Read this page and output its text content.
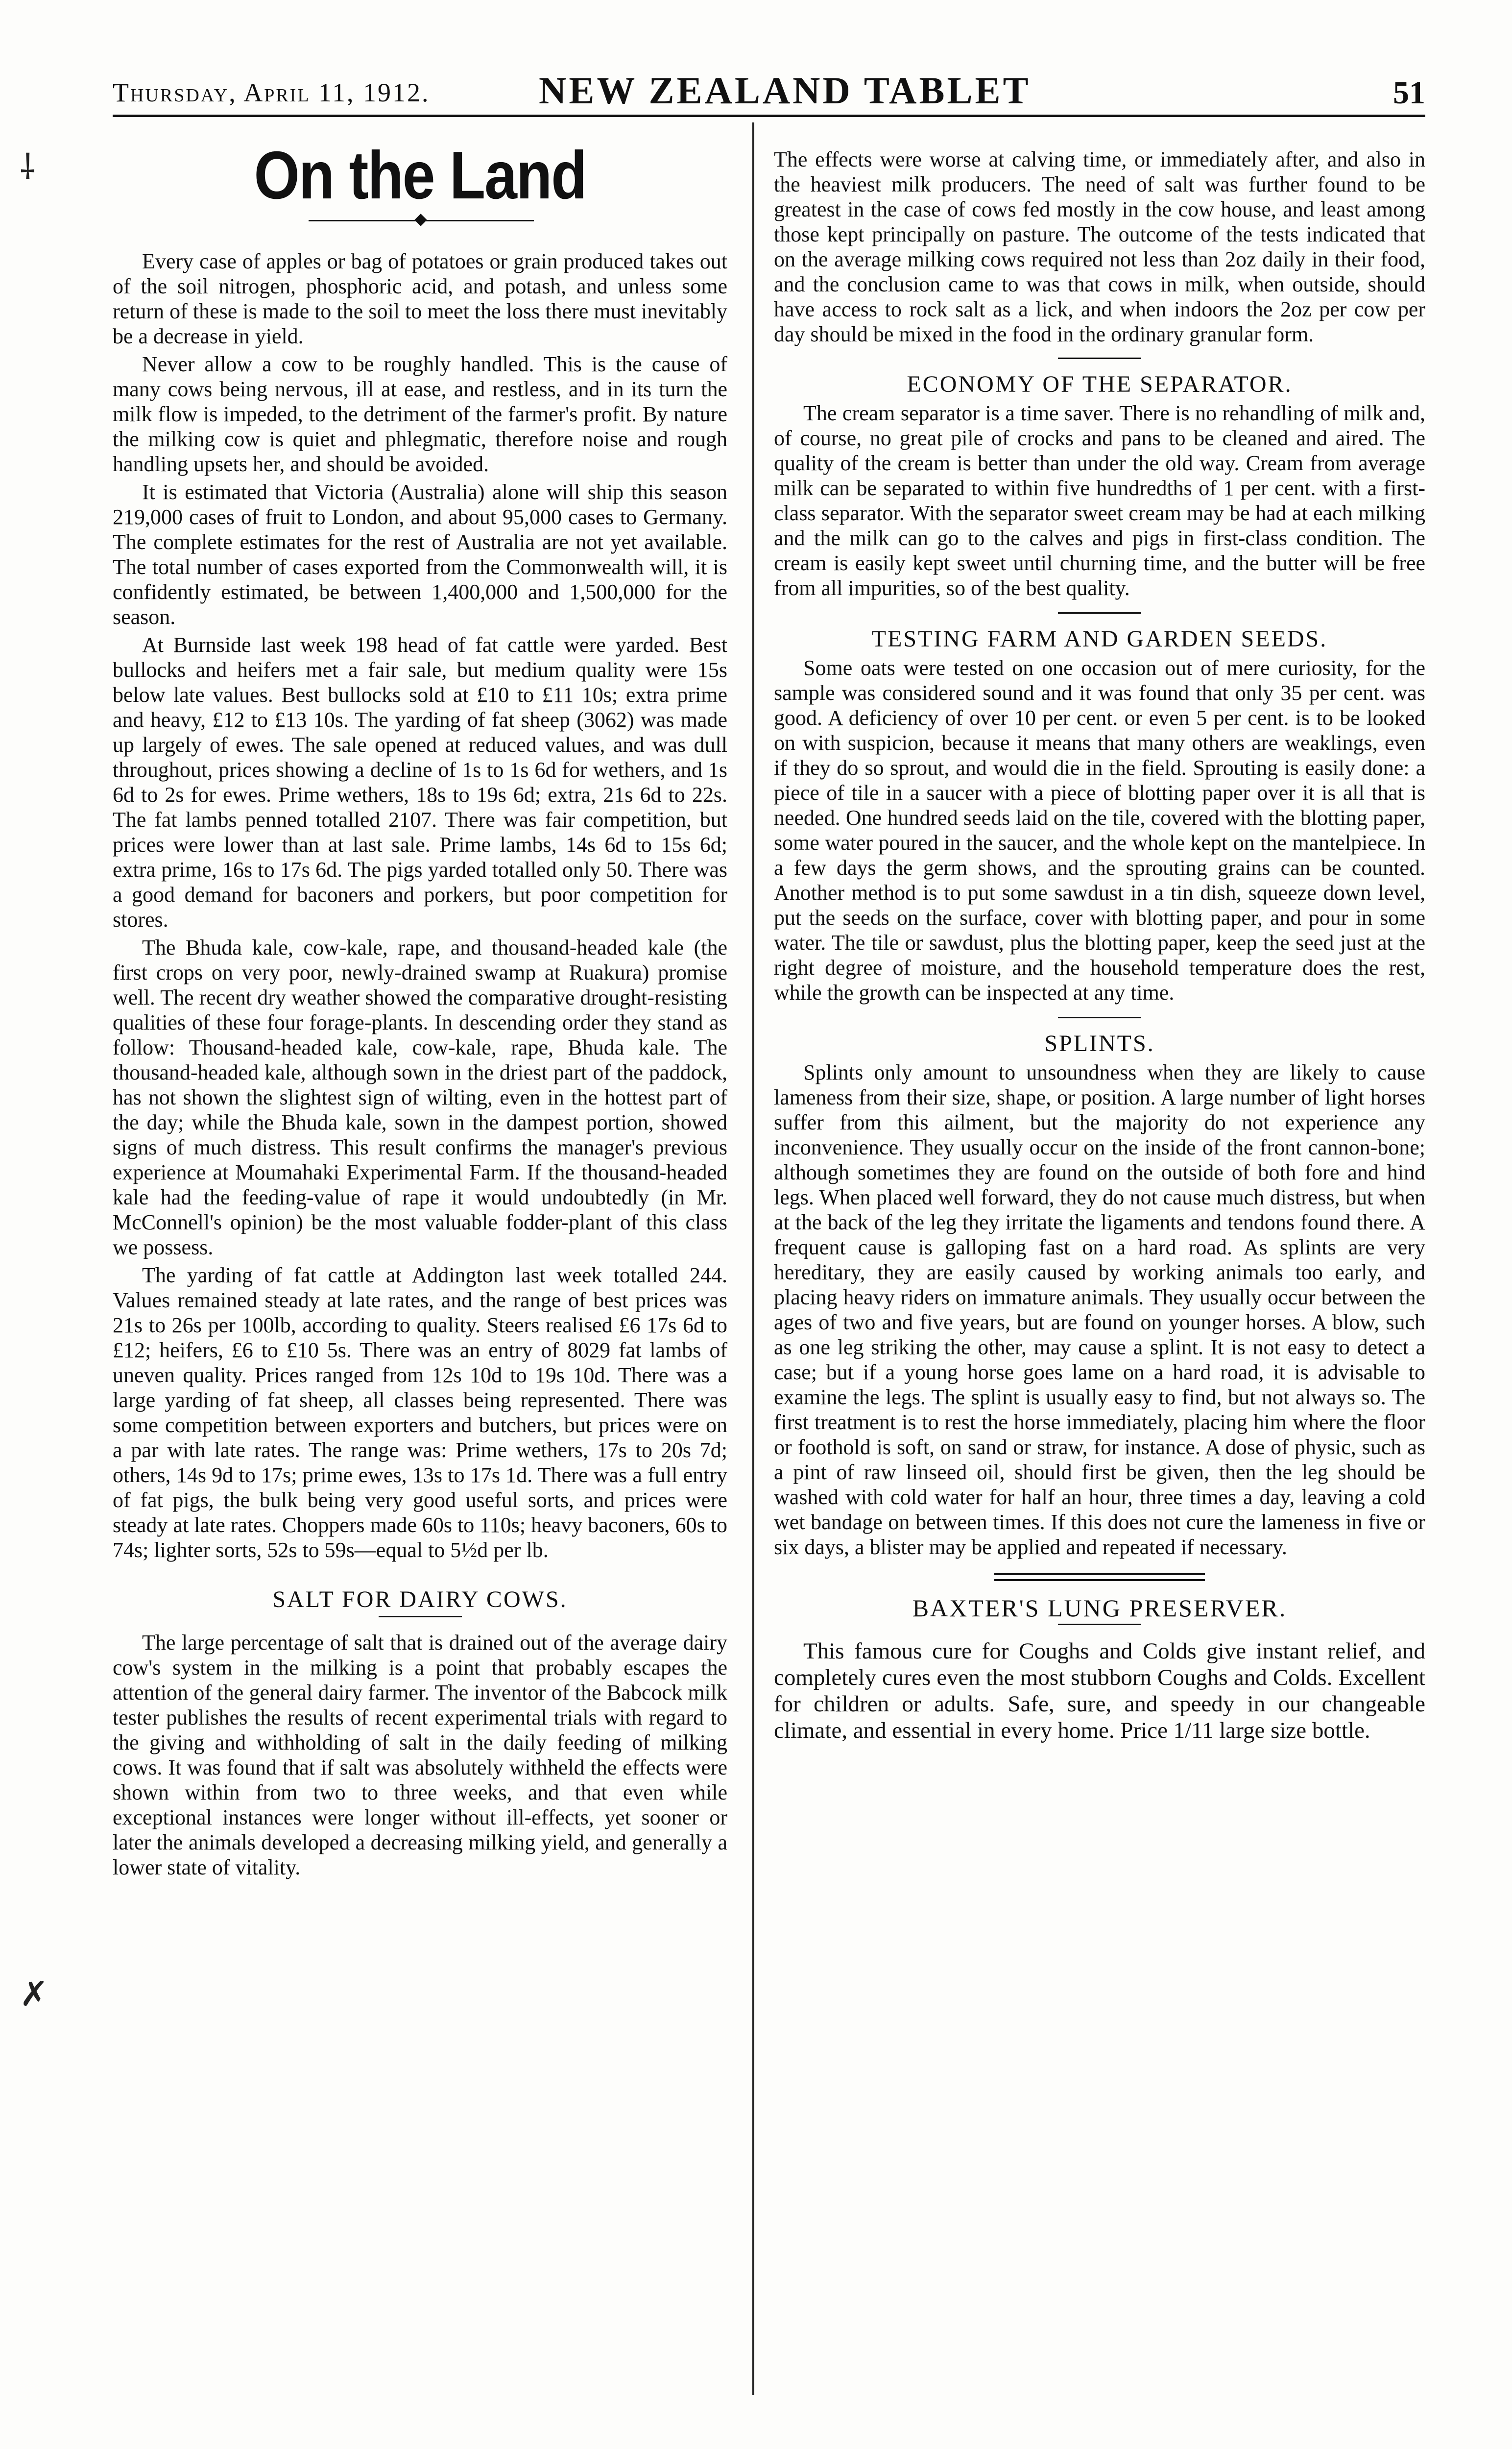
Thursday, April 11, 1912.	NEW ZEALAND TABLET	51
⸸
✗
On the Land

Every case of apples or bag of potatoes or grain produced takes out of the soil nitrogen, phosphoric acid, and potash, and unless some return of these is made to the soil to meet the loss there must inevitably be a decrease in yield.

Never allow a cow to be roughly handled. This is the cause of many cows being nervous, ill at ease, and restless, and in its turn the milk flow is impeded, to the detriment of the farmer's profit. By nature the milking cow is quiet and phlegmatic, therefore noise and rough handling upsets her, and should be avoided.

It is estimated that Victoria (Australia) alone will ship this season 219,000 cases of fruit to London, and about 95,000 cases to Germany. The complete estimates for the rest of Australia are not yet available. The total number of cases exported from the Commonwealth will, it is confidently estimated, be between 1,400,000 and 1,500,000 for the season.

At Burnside last week 198 head of fat cattle were yarded. Best bullocks and heifers met a fair sale, but medium quality were 15s below late values. Best bullocks sold at £10 to £11 10s; extra prime and heavy, £12 to £13 10s. The yarding of fat sheep (3062) was made up largely of ewes. The sale opened at reduced values, and was dull throughout, prices showing a decline of 1s to 1s 6d for wethers, and 1s 6d to 2s for ewes. Prime wethers, 18s to 19s 6d; extra, 21s 6d to 22s. The fat lambs penned totalled 2107. There was fair competition, but prices were lower than at last sale. Prime lambs, 14s 6d to 15s 6d; extra prime, 16s to 17s 6d. The pigs yarded totalled only 50. There was a good demand for baconers and porkers, but poor competition for stores.

The Bhuda kale, cow-kale, rape, and thousand-headed kale (the first crops on very poor, newly-drained swamp at Ruakura) promise well. The recent dry weather showed the comparative drought-resisting qualities of these four forage-plants. In descending order they stand as follow: Thousand-headed kale, cow-kale, rape, Bhuda kale. The thousand-headed kale, although sown in the driest part of the paddock, has not shown the slightest sign of wilting, even in the hottest part of the day; while the Bhuda kale, sown in the dampest portion, showed signs of much distress. This result confirms the manager's previous experience at Moumahaki Experimental Farm. If the thousand-headed kale had the feeding-value of rape it would undoubtedly (in Mr. McConnell's opinion) be the most valuable fodder-plant of this class we possess.

The yarding of fat cattle at Addington last week totalled 244. Values remained steady at late rates, and the range of best prices was 21s to 26s per 100lb, according to quality. Steers realised £6 17s 6d to £12; heifers, £6 to £10 5s. There was an entry of 8029 fat lambs of uneven quality. Prices ranged from 12s 10d to 19s 10d. There was a large yarding of fat sheep, all classes being represented. There was some competition between exporters and butchers, but prices were on a par with late rates. The range was: Prime wethers, 17s to 20s 7d; others, 14s 9d to 17s; prime ewes, 13s to 17s 1d. There was a full entry of fat pigs, the bulk being very good useful sorts, and prices were steady at late rates. Choppers made 60s to 110s; heavy baconers, 60s to 74s; lighter sorts, 52s to 59s—equal to 5½d per lb.

SALT FOR DAIRY COWS.

The large percentage of salt that is drained out of the average dairy cow's system in the milking is a point that probably escapes the attention of the general dairy farmer. The inventor of the Babcock milk tester publishes the results of recent experimental trials with regard to the giving and withholding of salt in the daily feeding of milking cows. It was found that if salt was absolutely withheld the effects were shown within from two to three weeks, and that even while exceptional instances were longer without ill-effects, yet sooner or later the animals developed a decreasing milking yield, and generally a lower state of vitality.

The effects were worse at calving time, or immediately after, and also in the heaviest milk producers. The need of salt was further found to be greatest in the case of cows fed mostly in the cow house, and least among those kept principally on pasture. The outcome of the tests indicated that on the average milking cows required not less than 2oz daily in their food, and the conclusion came to was that cows in milk, when outside, should have access to rock salt as a lick, and when indoors the 2oz per cow per day should be mixed in the food in the ordinary granular form.

ECONOMY OF THE SEPARATOR.

The cream separator is a time saver. There is no rehandling of milk and, of course, no great pile of crocks and pans to be cleaned and aired. The quality of the cream is better than under the old way. Cream from average milk can be separated to within five hundredths of 1 per cent. with a first-class separator. With the separator sweet cream may be had at each milking and the milk can go to the calves and pigs in first-class condition. The cream is easily kept sweet until churning time, and the butter will be free from all impurities, so of the best quality.

TESTING FARM AND GARDEN SEEDS.

Some oats were tested on one occasion out of mere curiosity, for the sample was considered sound and it was found that only 35 per cent. was good. A deficiency of over 10 per cent. or even 5 per cent. is to be looked on with suspicion, because it means that many others are weaklings, even if they do so sprout, and would die in the field. Sprouting is easily done: a piece of tile in a saucer with a piece of blotting paper over it is all that is needed. One hundred seeds laid on the tile, covered with the blotting paper, some water poured in the saucer, and the whole kept on the mantelpiece. In a few days the germ shows, and the sprouting grains can be counted. Another method is to put some sawdust in a tin dish, squeeze down level, put the seeds on the surface, cover with blotting paper, and pour in some water. The tile or sawdust, plus the blotting paper, keep the seed just at the right degree of moisture, and the household temperature does the rest, while the growth can be inspected at any time.

SPLINTS.

Splints only amount to unsoundness when they are likely to cause lameness from their size, shape, or position. A large number of light horses suffer from this ailment, but the majority do not experience any inconvenience. They usually occur on the inside of the front cannon-bone; although sometimes they are found on the outside of both fore and hind legs. When placed well forward, they do not cause much distress, but when at the back of the leg they irritate the ligaments and tendons found there. A frequent cause is galloping fast on a hard road. As splints are very hereditary, they are easily caused by working animals too early, and placing heavy riders on immature animals. They usually occur between the ages of two and five years, but are found on younger horses. A blow, such as one leg striking the other, may cause a splint. It is not easy to detect a case; but if a young horse goes lame on a hard road, it is advisable to examine the legs. The splint is usually easy to find, but not always so. The first treatment is to rest the horse immediately, placing him where the floor or foothold is soft, on sand or straw, for instance. A dose of physic, such as a pint of raw linseed oil, should first be given, then the leg should be washed with cold water for half an hour, three times a day, leaving a cold wet bandage on between times. If this does not cure the lameness in five or six days, a blister may be applied and repeated if necessary.

BAXTER'S LUNG PRESERVER.

This famous cure for Coughs and Colds give instant relief, and completely cures even the most stubborn Coughs and Colds. Excellent for children or adults. Safe, sure, and speedy in our changeable climate, and essential in every home. Price 1/11 large size bottle.
